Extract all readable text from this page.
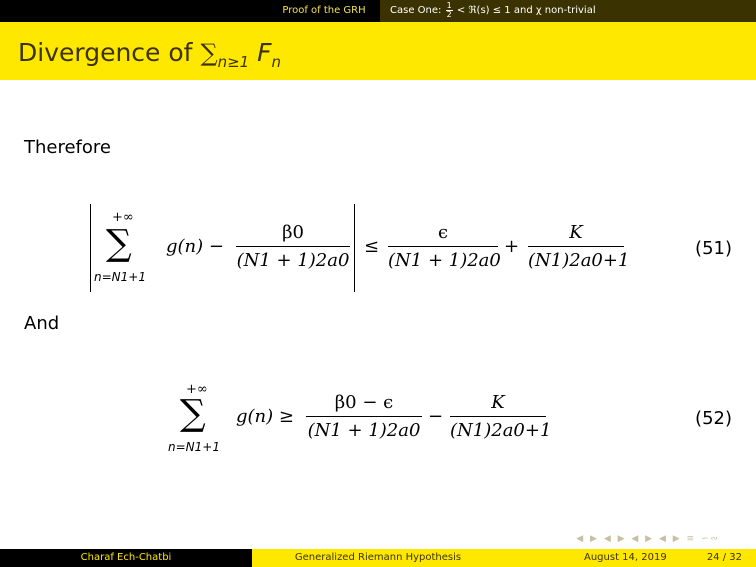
Proof of the GRH	Case One: $\frac{1}{2}$ < ℜ(s) ≤ 1 and χ non-trivial
Divergence of $\sum_{n\ge 1}$ $F_n$
Therefore
+∞
∑
n=N1+1
$g(n) - \frac{\beta 0}{(N1 + 1)2a0} \le \frac{\epsilon}{(N1 + 1)2a0} + \frac{K}{(N1)2a0+1}$	(51)
And
+∞
∑
n=N1+1
$g(n) \ge \frac{\beta 0 - \epsilon}{(N1 + 1)2a0} - \frac{K}{(N1)2a0+1}$	(52)
◀ ▶ ◀ ▶ ◀ ▶ ◀ ▶ ≡ ∽∾
Charaf Ech-Chatbi	Generalized Riemann Hypothesis	August 14, 2019	24 / 32
